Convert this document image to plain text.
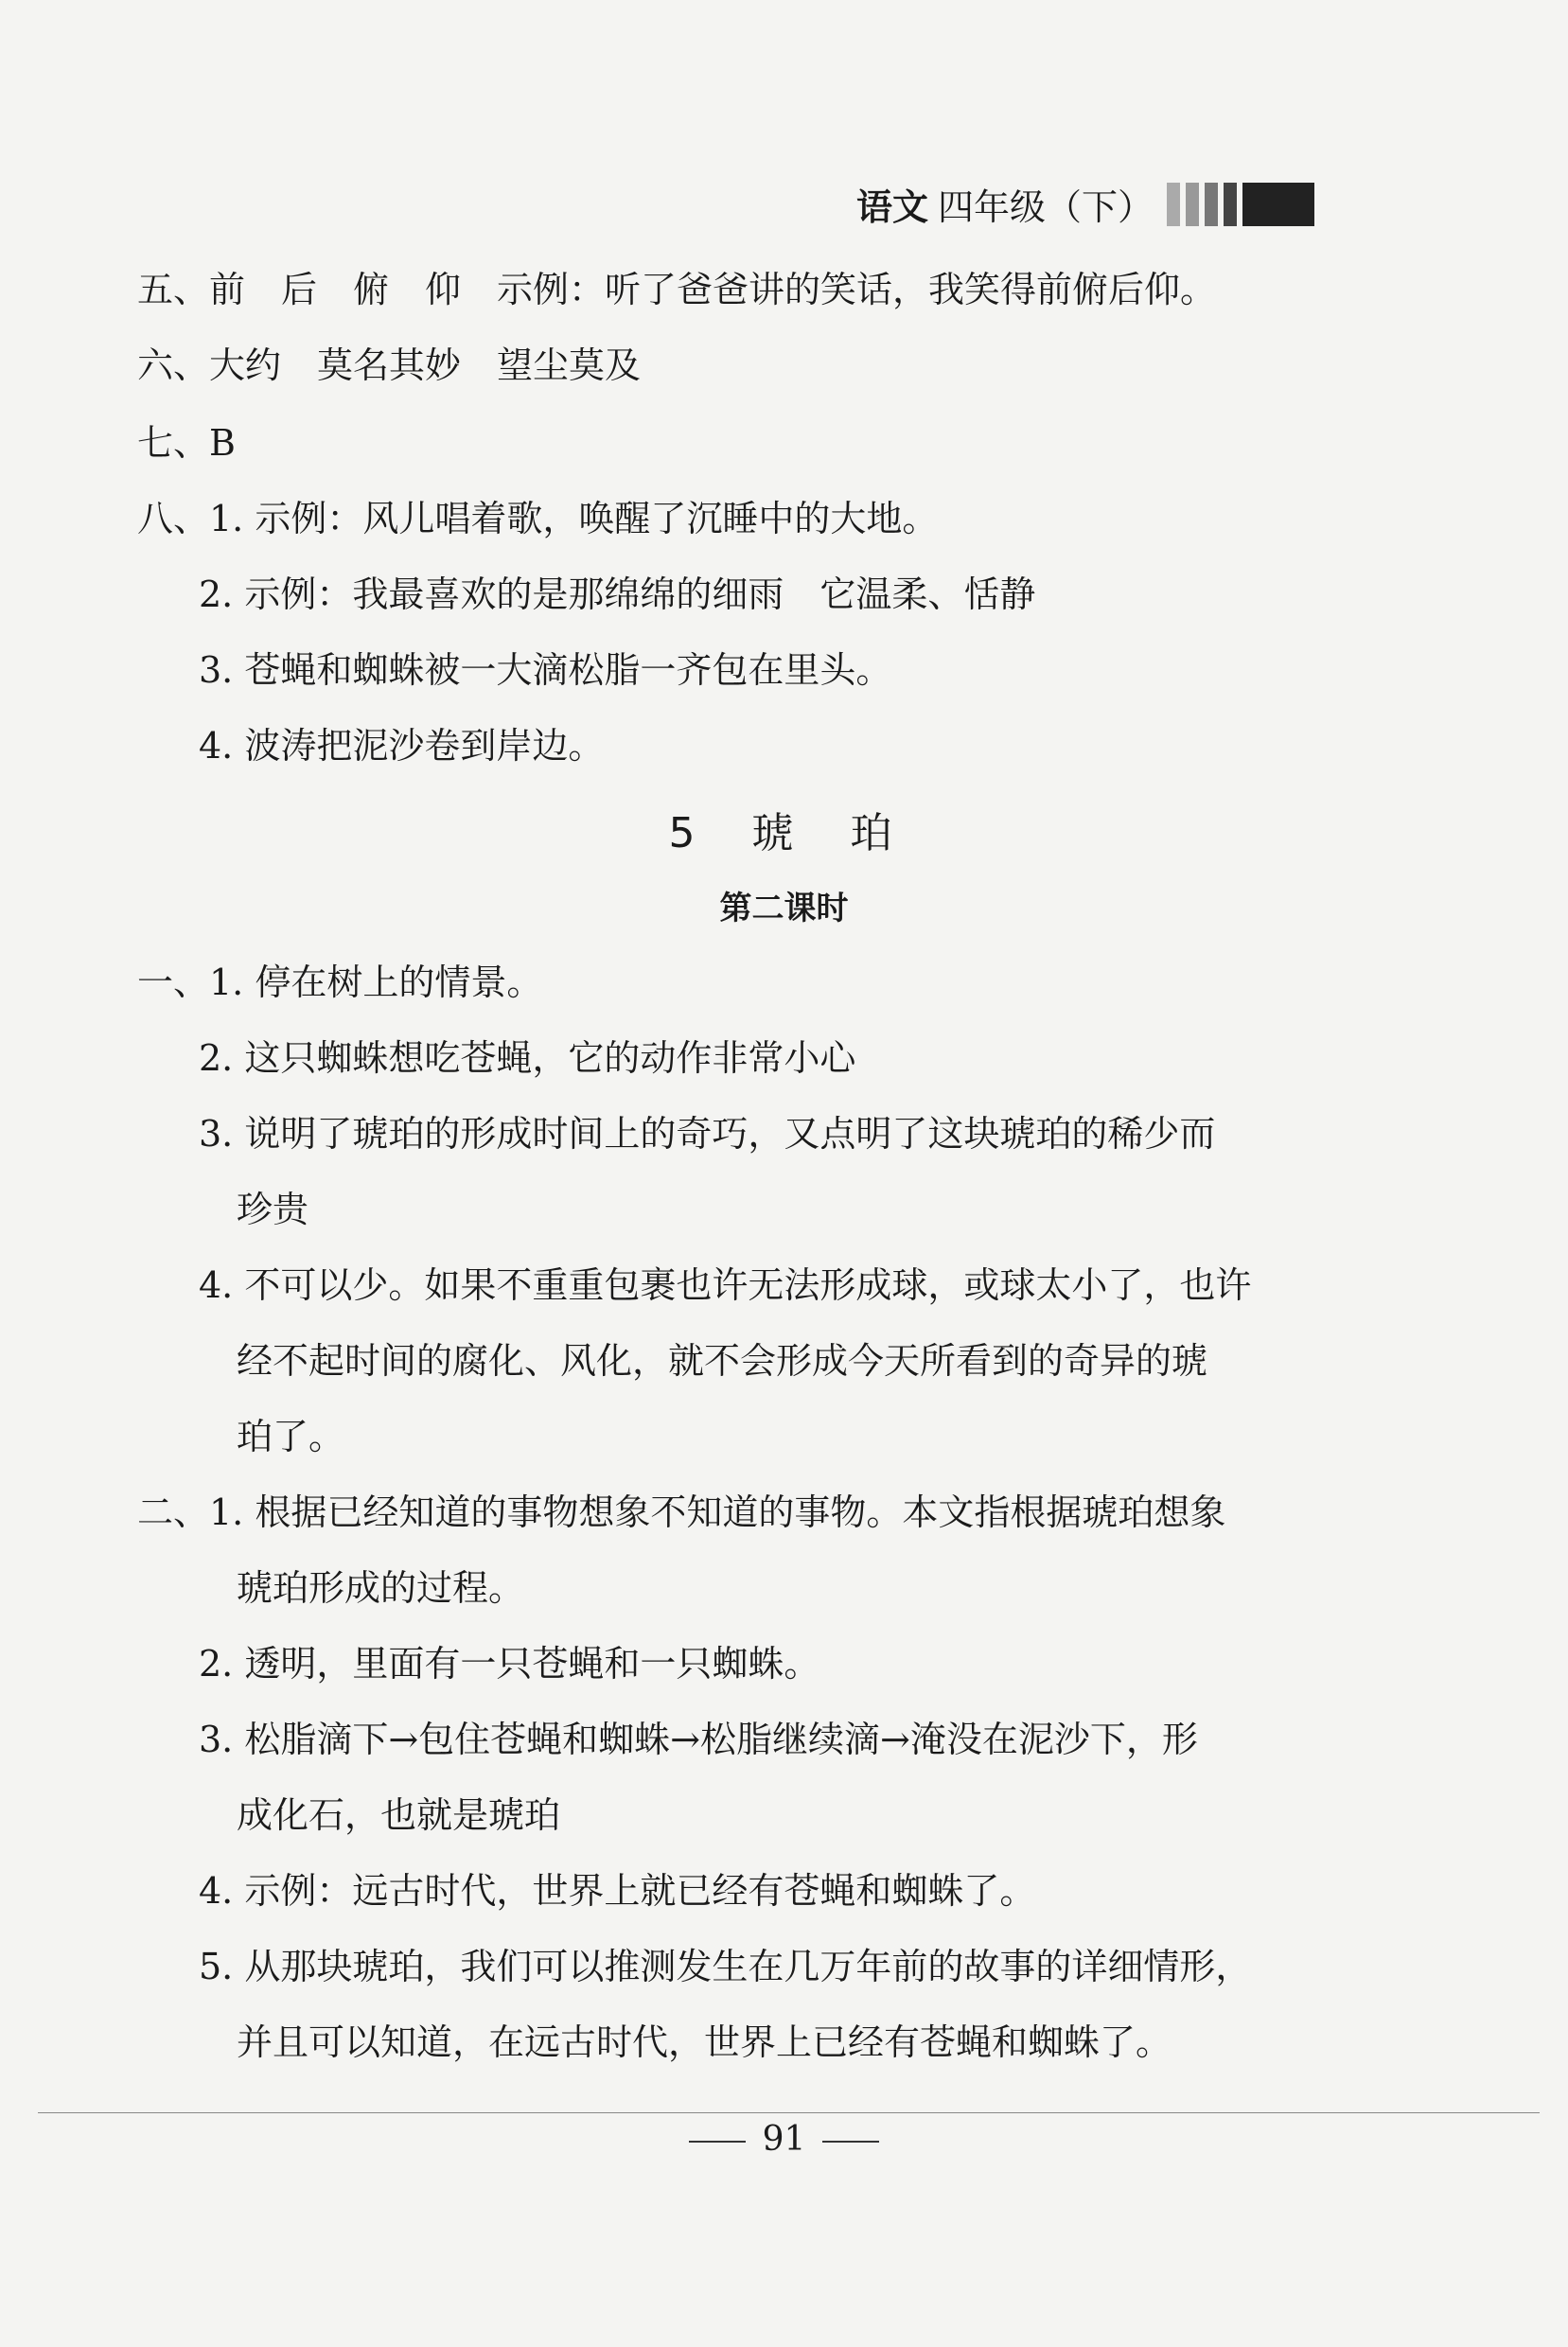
语文 四年级 （下）
五、前　后　俯　仰　示例：听了爸爸讲的笑话，我笑得前俯后仰。
六、大约　莫名其妙　望尘莫及
七、B
八、1. 示例：风儿唱着歌，唤醒了沉睡中的大地。
2. 示例：我最喜欢的是那绵绵的细雨　它温柔、恬静
3. 苍蝇和蜘蛛被一大滴松脂一齐包在里头。
4. 波涛把泥沙卷到岸边。
5　琥　珀
第二课时
一、1. 停在树上的情景。
2. 这只蜘蛛想吃苍蝇，它的动作非常小心
3. 说明了琥珀的形成时间上的奇巧，又点明了这块琥珀的稀少而
珍贵
4. 不可以少。如果不重重包裹也许无法形成球，或球太小了，也许
经不起时间的腐化、风化，就不会形成今天所看到的奇异的琥
珀了。
二、1. 根据已经知道的事物想象不知道的事物。本文指根据琥珀想象
琥珀形成的过程。
2. 透明，里面有一只苍蝇和一只蜘蛛。
3. 松脂滴下→包住苍蝇和蜘蛛→松脂继续滴→淹没在泥沙下，形
成化石，也就是琥珀
4. 示例：远古时代，世界上就已经有苍蝇和蜘蛛了。
5. 从那块琥珀，我们可以推测发生在几万年前的故事的详细情形，
并且可以知道，在远古时代，世界上已经有苍蝇和蜘蛛了。
91
